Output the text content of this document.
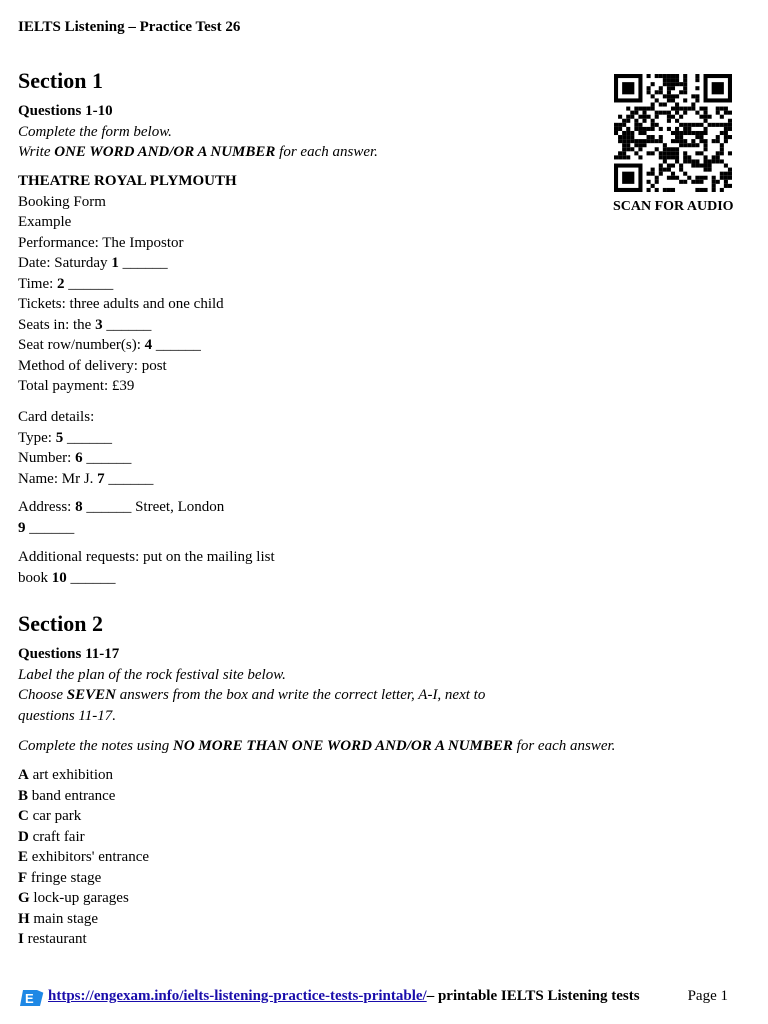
IELTS Listening – Practice Test 26
SCAN FOR AUDIO
Section 1
Questions 1-10
Complete the form below.
Write ONE WORD AND/OR A NUMBER for each answer.
THEATRE ROYAL PLYMOUTH
Booking Form
Example
Performance: The Impostor
Date: Saturday 1 ______
Time: 2 ______
Tickets: three adults and one child
Seats in: the 3 ______
Seat row/number(s): 4 ______
Method of delivery: post
Total payment: £39
Card details:
Type: 5 ______
Number: 6 ______
Name: Mr J. 7 ______
Address: 8 ______ Street, London
9 ______
Additional requests: put on the mailing list
book 10 ______
Section 2
Questions 11-17
Label the plan of the rock festival site below.
Choose SEVEN answers from the box and write the correct letter, A-I, next to
questions 11-17.
Complete the notes using NO MORE THAN ONE WORD AND/OR A NUMBER for each answer.
A art exhibition
B band entrance
C car park
D craft fair
E exhibitors' entrance
F fringe stage
G lock-up garages
H main stage
I restaurant
E https://engexam.info/ielts-listening-practice-tests-printable/– printable IELTS Listening tests	Page 1
